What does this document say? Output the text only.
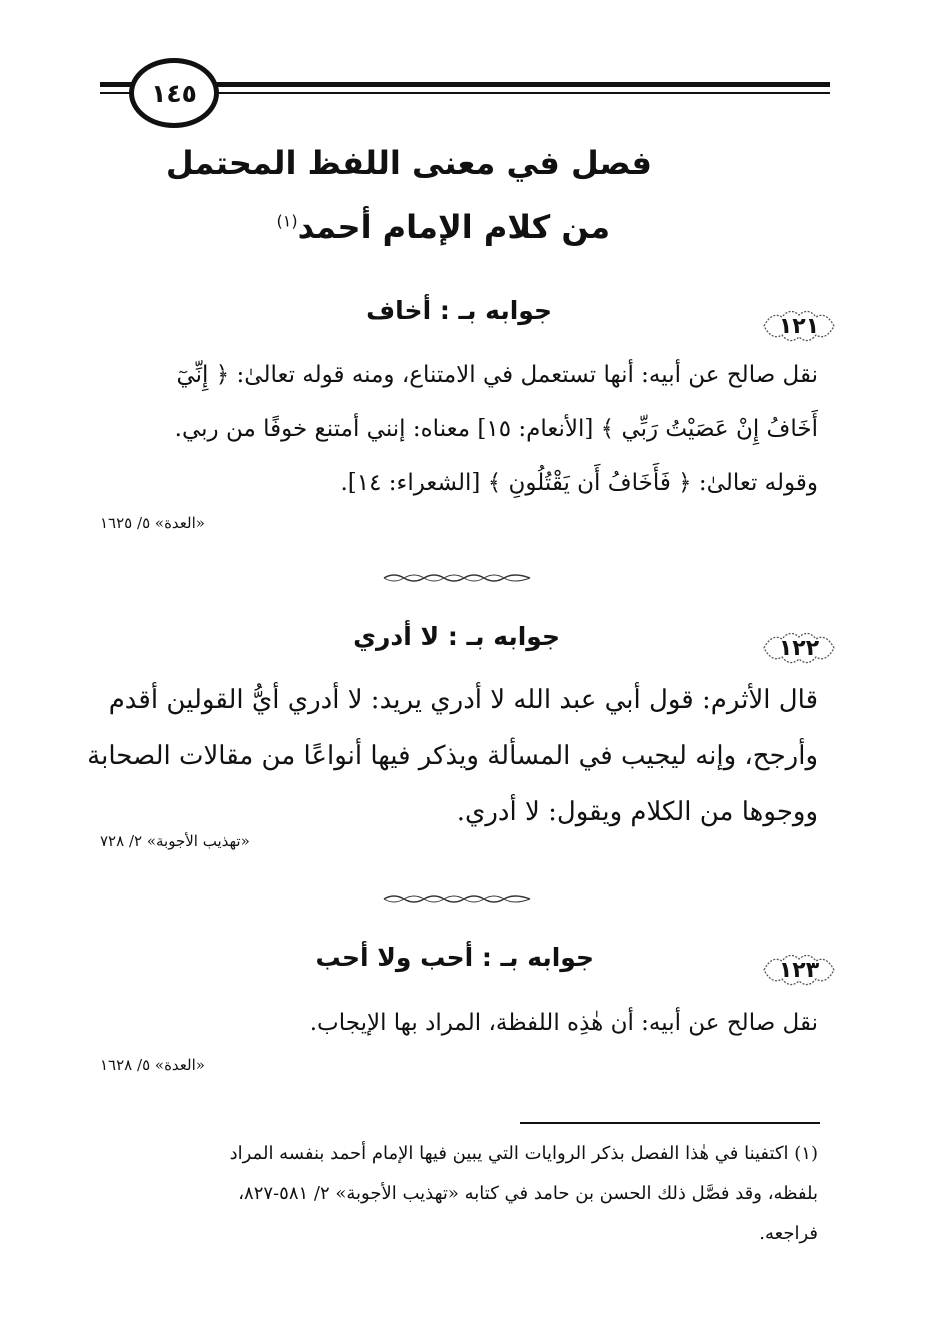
١٤٥
فصل في معنى اللفظ المحتمل
من كلام الإمام أحمد$^{(١)}$
١٢١
جوابه بـ : أخاف
نقل صالح عن أبيه: أنها تستعمل في الامتناع، ومنه قوله تعالىٰ: ﴿ إِنِّيٓ
أَخَافُ إِنْ عَصَيْتُ رَبِّي ﴾ [الأنعام: ١٥] معناه: إنني أمتنع خوفًا من ربي.
وقوله تعالىٰ: ﴿ فَأَخَافُ أَن يَقْتُلُونِ ﴾ [الشعراء: ١٤].
«العدة» ٥/ ١٦٢٥
١٢٢
جوابه بـ : لا أدري
قال الأثرم: قول أبي عبد الله لا أدري يريد: لا أدري أيُّ القولين أقدم
وأرجح، وإنه ليجيب في المسألة ويذكر فيها أنواعًا من مقالات الصحابة
ووجوها من الكلام ويقول: لا أدري.
«تهذيب الأجوبة» ٢/ ٧٢٨
١٢٣
جوابه بـ : أحب ولا أحب
نقل صالح عن أبيه: أن هٰذِه اللفظة، المراد بها الإيجاب.
«العدة» ٥/ ١٦٢٨
(١) اكتفينا في هٰذا الفصل بذكر الروايات التي يبين فيها الإمام أحمد بنفسه المراد
بلفظه، وقد فصَّل ذلك الحسن بن حامد في كتابه «تهذيب الأجوبة» ٢/ ٥٨١-٨٢٧،
فراجعه.
